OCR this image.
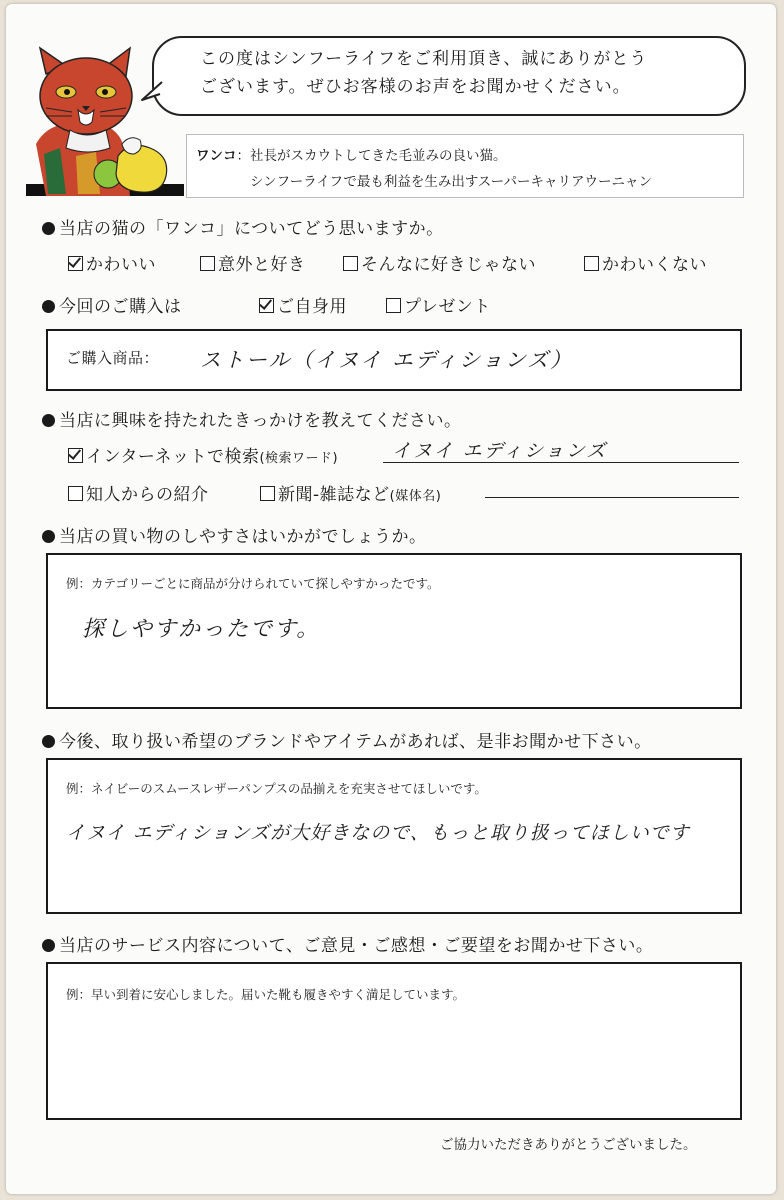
この度はシンフーライフをご利用頂き、誠にありがとう
ございます。ぜひお客様のお声をお聞かせください。
ワンコ：社長がスカウトしてきた毛並みの良い猫。
シンフーライフで最も利益を生み出すスーパーキャリアウーニャン
当店の猫の「ワンコ」についてどう思いますか。
かわいい	意外と好き	そんなに好きじゃない	かわいくない
今回のご購入は	ご自身用	プレゼント
ご購入商品： ストール（イヌイ エディションズ）
当店に興味を持たれたきっかけを教えてください。
インターネットで検索(検索ワード)	イヌイ エディションズ
知人からの紹介	新聞-雑誌など(媒体名)
当店の買い物のしやすさはいかがでしょうか。
例：カテゴリーごとに商品が分けられていて探しやすかったです。
探しやすかったです。
今後、取り扱い希望のブランドやアイテムがあれば、是非お聞かせ下さい。
例：ネイビーのスムースレザーパンプスの品揃えを充実させてほしいです。
イヌイ エディションズが大好きなので、もっと取り扱ってほしいです
当店のサービス内容について、ご意見・ご感想・ご要望をお聞かせ下さい。
例：早い到着に安心しました。届いた靴も履きやすく満足しています。
ご協力いただきありがとうございました。
